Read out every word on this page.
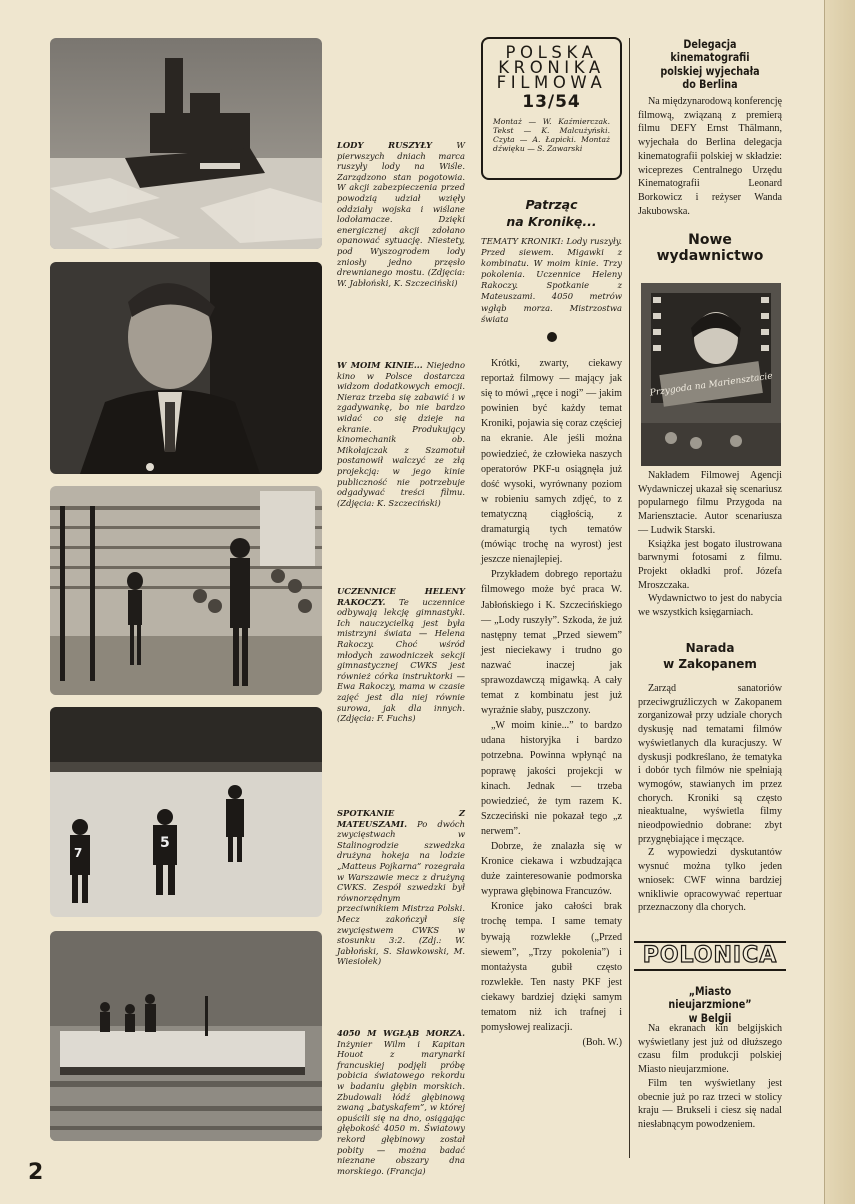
5
7
LODY RUSZYŁY W pierwszych dniach marca ruszyły lody na Wiśle. Zarządzono stan pogotowia. W akcji zabezpieczenia przed powodzią udział wzięły oddziały wojska i wiślane lodołamacze. Dzięki energicznej akcji zdołano opanować sytuację. Niestety, pod Wyszogrodem lody zniosły jedno przęsło drewnianego mostu. (Zdjęcia: W. Jabłoński, K. Szczeciński)
W MOIM KINIE... Niejedno kino w Polsce dostarcza widzom dodatkowych emocji. Nieraz trzeba się zabawić i w zgadywankę, bo nie bardzo widać co się dzieje na ekranie. Produkujący kinomechanik ob. Mikołajczak z Szamotuł postanowił walczyć ze złą projekcją: w jego kinie publiczność nie potrzebuje odgadywać treści filmu. (Zdjęcia: K. Szczeciński)
UCZENNICE HELENY RAKOCZY. Te uczennice odbywają lekcję gimnastyki. Ich nauczycielką jest była mistrzyni świata — Helena Rakoczy. Choć wśród młodych zawodniczek sekcji gimnastycznej CWKS jest również córka instruktorki — Ewa Rakoczy, mama w czasie zajęć jest dla niej równie surowa, jak dla innych. (Zdjęcia: F. Fuchs)
SPOTKANIE Z MATEUSZAMI. Po dwóch zwycięstwach w Stalinogrodzie szwedzka drużyna hokeja na lodzie „Matteus Pojkarna” rozegrała w Warszawie mecz z drużyną CWKS. Zespół szwedzki był równorzędnym przeciwnikiem Mistrza Polski. Mecz zakończył się zwycięstwem CWKS w stosunku 3:2. (Zdj.: W. Jabłoński, S. Sławkowski, M. Wiesiołek)
4050 M WGŁĄB MORZA. Inżynier Wilm i Kapitan Houot z marynarki francuskiej podjęli próbę pobicia światowego rekordu w badaniu głębin morskich. Zbudowali łódź głębinową zwaną „batyskafem”, w której opuścili się na dno, osiągając głębokość 4050 m. Światowy rekord głębinowy został pobity — można badać nieznane obszary dna morskiego. (Francja)
2
POLSKA
KRONIKA
FILMOWA
13/54
Montaż — W. Kaźmierczak. Tekst — K. Malcużyński. Czyta — A. Łapicki. Montaż dźwięku — S. Zawarski
Patrząc
na Kronikę...
TEMATY KRONIKI: Lody ruszyły. Przed siewem. Migawki z kombinatu. W moim kinie. Trzy pokolenia. Uczennice Heleny Rakoczy. Spotkanie z Mateuszami. 4050 metrów wgłąb morza. Mistrzostwa świata

Krótki, zwarty, ciekawy reportaż filmowy — mający jak się to mówi „ręce i nogi” — jakim powinien być każdy temat Kroniki, pojawia się coraz częściej na ekranie. Ale jeśli można powiedzieć, że człowieka naszych operatorów PKF-u osiągnęła już dość wysoki, wyrównany poziom w robieniu samych zdjęć, to z tematyczną ciągłością, z dramaturgią tych tematów (mówiąc trochę na wyrost) jest jeszcze nienajlepiej.

Przykładem dobrego reportażu filmowego może być praca W. Jabłońskiego i K. Szczecińskiego — „Lody ruszyły”. Szkoda, że już następny temat „Przed siewem” jest nieciekawy i trudno go nazwać inaczej jak sprawozdawczą migawką. A cały temat z kombinatu jest już wyraźnie słaby, puszczony.

„W moim kinie...” to bardzo udana historyjka i bardzo potrzebna. Powinna wpłynąć na poprawę jakości projekcji w kinach. Jednak — trzeba powiedzieć, że tym razem K. Szczeciński nie pokazał tego „z nerwem”.

Dobrze, że znalazła się w Kronice ciekawa i wzbudzająca duże zainteresowanie podmorska wyprawa głębinowa Francuzów.

Kronice jako całości brak trochę tempa. I same tematy bywają rozwlekłe („Przed siewem”, „Trzy pokolenia”) i montażysta gubił często rozwlekłe. Ten nasty PKF jest ciekawy bardziej dzięki samym tematom niż ich trafnej i pomysłowej realizacji.

(Boh. W.)

Delegacja kinematografii
polskiej wyjechała
do Berlina

Na międzynarodową konferencję filmową, związaną z premierą filmu DEFY Ernst Thälmann, wyjechała do Berlina delegacja kinematografii polskiej w składzie: wiceprezes Centralnego Urzędu Kinematografii Leonard Borkowicz i reżyser Wanda Jakubowska.

Nowe
wydawnictwo
Przygoda na Mariensztacie

Nakładem Filmowej Agencji Wydawniczej ukazał się scenariusz popularnego filmu Przygoda na Mariensztacie. Autor scenariusza — Ludwik Starski.

Książka jest bogato ilustrowana barwnymi fotosami z filmu. Projekt okładki prof. Józefa Mroszczaka.

Wydawnictwo to jest do nabycia we wszystkich księgarniach.

Narada
w Zakopanem

Zarząd sanatoriów przeciwgruźliczych w Zakopanem zorganizował przy udziale chorych dyskusję nad tematami filmów wyświetlanych dla kuracjuszy. W dyskusji podkreślano, że tematyka i dobór tych filmów nie spełniają wymogów, stawianych im przez chorych. Kroniki są często nieaktualne, wyświetla filmy nieodpowiednio dobrane: zbyt przygnębiające i męczące.

Z wypowiedzi dyskutantów wysnuć można tylko jeden wniosek: CWF winna bardziej wnikliwie opracowywać repertuar przeznaczony dla chorych.

POLONICA
„Miasto nieujarzmione”
w Belgii

Na ekranach kin belgijskich wyświetlany jest już od dłuższego czasu film produkcji polskiej Miasto nieujarzmione.

Film ten wyświetlany jest obecnie już po raz trzeci w stolicy kraju — Brukseli i ciesz się nadal niesłabnącym powodzeniem.
